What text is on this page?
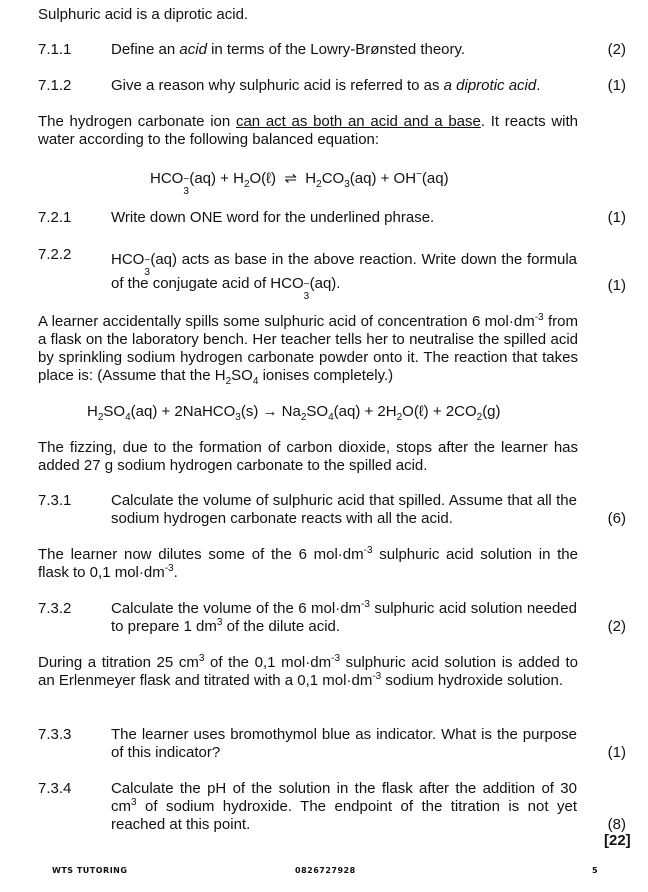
Sulphuric acid is a diprotic acid.
7.1.1	Define an acid in terms of the Lowry-Brønsted theory.	(2)
7.1.2	Give a reason why sulphuric acid is referred to as a diprotic acid.	(1)
The hydrogen carbonate ion can act as both an acid and a base. It reacts with water according to the following balanced equation:
HCO −
3
$(aq) + H_2O(\ell)$ ⇌ $H_2CO_3(aq) + OH^-(aq)$
7.2.1	Write down ONE word for the underlined phrase.	(1)
7.2.2	HCO −
3
(aq) acts as base in the above reaction. Write down the formula of the conjugate acid of HCO −
3
(aq).	(1)
A learner accidentally spills some sulphuric acid of concentration 6 $mol\cdot dm^{-3}$ from a flask on the laboratory bench. Her teacher tells her to neutralise the spilled acid by sprinkling sodium hydrogen carbonate powder onto it. The reaction that takes place is: (Assume that the $H_2SO_4$ ionises completely.)
$H_2SO_4(aq)$ + 2NaHCO$_3$(s) → $Na_2SO_4(aq)$ + $2H_2O(\ell) + 2CO_2(g)$
The fizzing, due to the formation of carbon dioxide, stops after the learner has added 27 g sodium hydrogen carbonate to the spilled acid.
7.3.1	Calculate the volume of sulphuric acid that spilled. Assume that all the sodium hydrogen carbonate reacts with all the acid.	(6)
The learner now dilutes some of the 6 $mol\cdot dm^{-3}$ sulphuric acid solution in the flask to 0,1 $mol\cdot dm^{-3}$.
7.3.2	Calculate the volume of the 6 $mol\cdot dm^{-3}$ sulphuric acid solution needed to prepare 1 $dm^3$ of the dilute acid.	(2)
During a titration 25 $cm^3$ of the 0,1 $mol\cdot dm^{-3}$ sulphuric acid solution is added to an Erlenmeyer flask and titrated with a 0,1 $mol\cdot dm^{-3}$ sodium hydroxide solution.
7.3.3	The learner uses bromothymol blue as indicator. What is the purpose of this indicator?	(1)
7.3.4	Calculate the pH of the solution in the flask after the addition of 30 $cm^3$ of sodium hydroxide. The endpoint of the titration is not yet reached at this point.	(8)
[22]
WTS TUTORING	0826727928	5
